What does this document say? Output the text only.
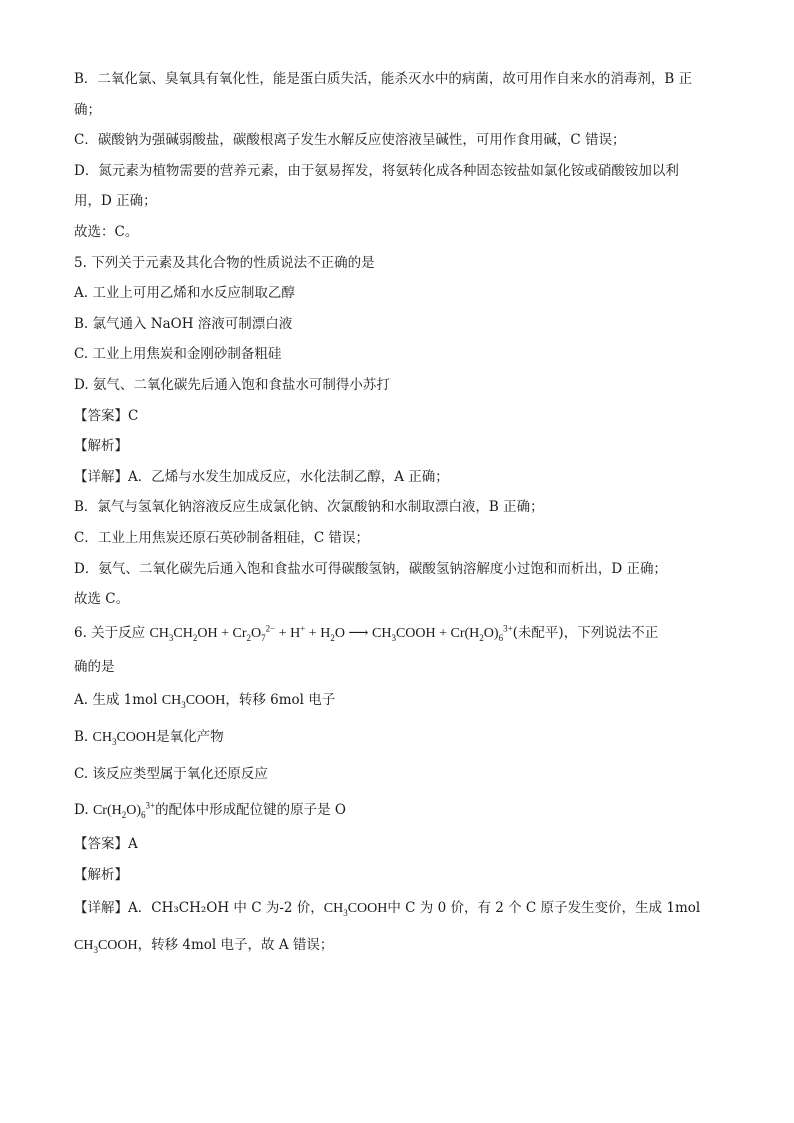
B．二氧化氯、臭氧具有氧化性，能是蛋白质失活，能杀灭水中的病菌，故可用作自来水的消毒剂，B 正
确；
C．碳酸钠为强碱弱酸盐，碳酸根离子发生水解反应使溶液呈碱性，可用作食用碱，C 错误；
D．氮元素为植物需要的营养元素，由于氨易挥发，将氨转化成各种固态铵盐如氯化铵或硝酸铵加以利
用，D 正确；
故选：C。
5. 下列关于元素及其化合物的性质说法不正确的是
A. 工业上可用乙烯和水反应制取乙醇
B. 氯气通入 NaOH 溶液可制漂白液
C. 工业上用焦炭和金刚砂制备粗硅
D. 氨气、二氧化碳先后通入饱和食盐水可制得小苏打
【答案】C
【解析】
【详解】A．乙烯与水发生加成反应，水化法制乙醇，A 正确；
B．氯气与氢氧化钠溶液反应生成氯化钠、次氯酸钠和水制取漂白液，B 正确；
C．工业上用焦炭还原石英砂制备粗硅，C 错误；
D．氨气、二氧化碳先后通入饱和食盐水可得碳酸氢钠，碳酸氢钠溶解度小过饱和而析出，D 正确；
故选 C。
6. 关于反应 $CH_3CH_2OH + Cr_2O_7^{2-} + H^+ + H_2O$ ⟶ $CH_3COOH + Cr(H_2O)_6^{3+}$(未配平)，下列说法不正
确的是
A. 生成 1mol $CH_3COOH$，转移 6mol 电子
B. $CH_3COOH$是氧化产物
C. 该反应类型属于氧化还原反应
D. $Cr(H_2O)_6^{3+}$的配体中形成配位键的原子是 O
【答案】A
【解析】
【详解】A．CH₃CH₂OH 中 C 为-2 价，$CH_3COOH$中 C 为 0 价，有 2 个 C 原子发生变价，生成 1mol
$CH_3COOH$，转移 4mol 电子，故 A 错误；
